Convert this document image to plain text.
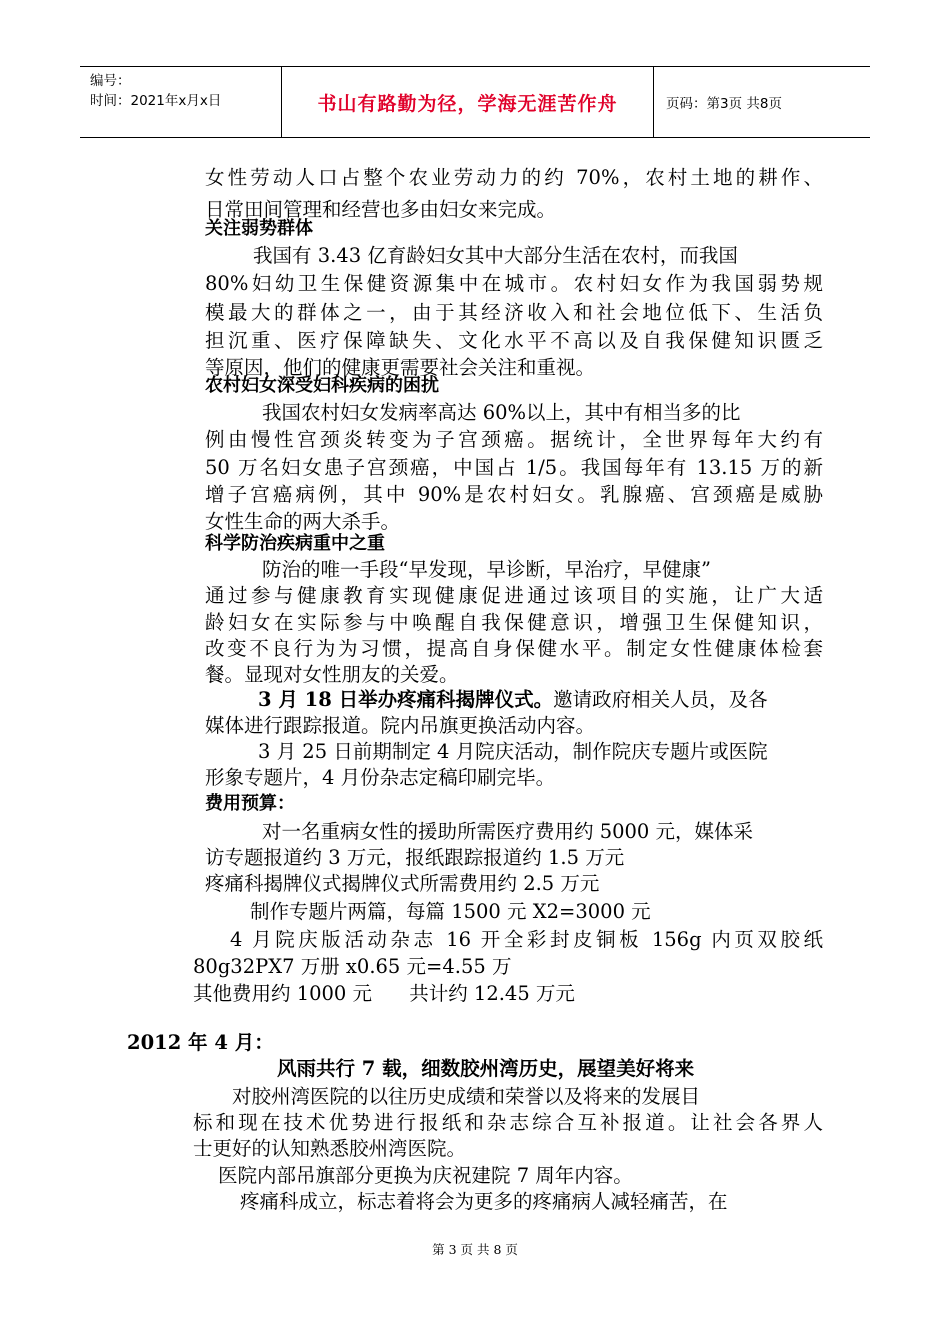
编号：
时间：2021年x月x日	书山有路勤为径，学海无涯苦作舟	页码：第3页 共8页
女性劳动人口占整个农业劳动力的约 70%，农村土地的耕作、
日常田间管理和经营也多由妇女来完成。
关注弱势群体
我国有 3.43 亿育龄妇女其中大部分生活在农村，而我国
80%妇幼卫生保健资源集中在城市。农村妇女作为我国弱势规
模最大的群体之一，由于其经济收入和社会地位低下、生活负
担沉重、医疗保障缺失、文化水平不高以及自我保健知识匮乏
等原因，他们的健康更需要社会关注和重视。
农村妇女深受妇科疾病的困扰
我国农村妇女发病率高达 60%以上，其中有相当多的比
例由慢性宫颈炎转变为子宫颈癌。据统计，全世界每年大约有
50 万名妇女患子宫颈癌，中国占 1/5。我国每年有 13.15 万的新
增子宫癌病例，其中 90%是农村妇女。乳腺癌、宫颈癌是威胁
女性生命的两大杀手。
科学防治疾病重中之重
防治的唯一手段“早发现，早诊断，早治疗，早健康”
通过参与健康教育实现健康促进通过该项目的实施，让广大适
龄妇女在实际参与中唤醒自我保健意识，增强卫生保健知识，
改变不良行为为习惯，提高自身保健水平。制定女性健康体检套
餐。显现对女性朋友的关爱。
3 月 18 日举办疼痛科揭牌仪式。邀请政府相关人员，及各
媒体进行跟踪报道。院内吊旗更换活动内容。
3 月 25 日前期制定 4 月院庆活动，制作院庆专题片或医院
形象专题片，4 月份杂志定稿印刷完毕。
费用预算：
对一名重病女性的援助所需医疗费用约 5000 元，媒体采
访专题报道约 3 万元，报纸跟踪报道约 1.5 万元
疼痛科揭牌仪式揭牌仪式所需费用约 2.5 万元
制作专题片两篇，每篇 1500 元 X2=3000 元
4 月院庆版活动杂志 16 开全彩封皮铜板 156g 内页双胶纸
80g32PX7 万册 x0.65 元=4.55 万
其他费用约 1000 元      共计约 12.45 万元
2012 年 4 月：
风雨共行 7 载，细数胶州湾历史，展望美好将来
对胶州湾医院的以往历史成绩和荣誉以及将来的发展目
标和现在技术优势进行报纸和杂志综合互补报道。让社会各界人
士更好的认知熟悉胶州湾医院。
医院内部吊旗部分更换为庆祝建院 7 周年内容。
疼痛科成立，标志着将会为更多的疼痛病人减轻痛苦，在
第 3 页 共 8 页
